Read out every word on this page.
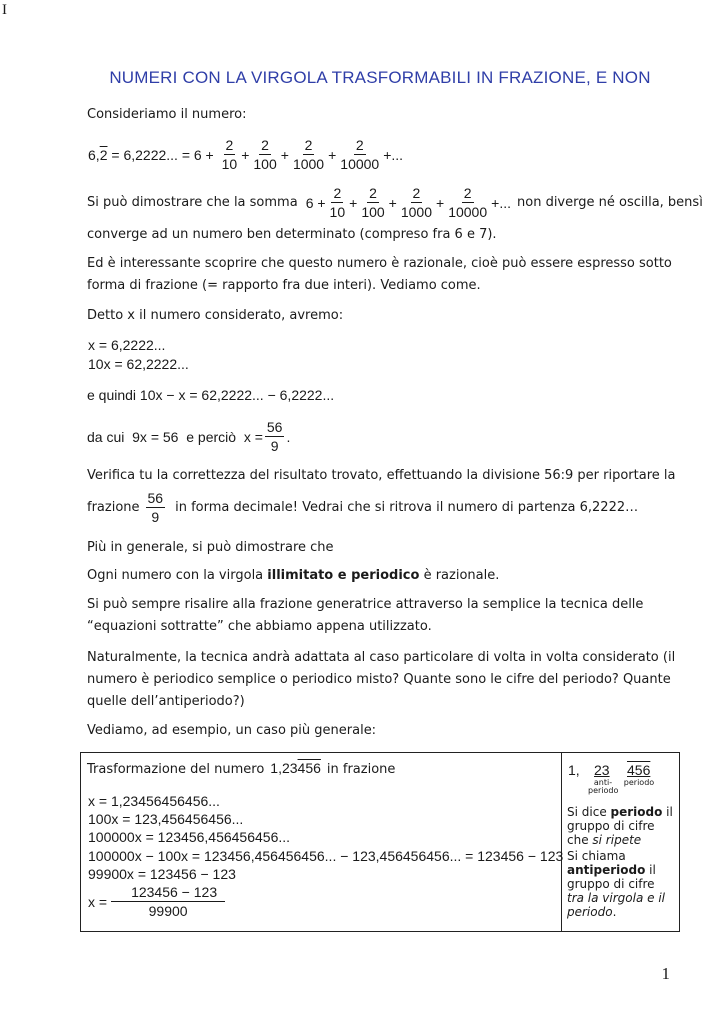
I
NUMERI CON LA VIRGOLA TRASFORMABILI IN FRAZIONE, E NON
Consideriamo il numero:
6, 2 = 6,2222... = $6 + \frac{2}{10} + \frac{2}{100} + \frac{2}{1000} + \frac{2}{10000}$ +...
Si può dimostrare che la somma $6 + \frac{2}{10} + \frac{2}{100} + \frac{2}{1000} + \frac{2}{10000}$ +... non diverge né oscilla, bensì
converge ad un numero ben determinato (compreso fra 6 e 7).
Ed è interessante scoprire che questo numero è razionale, cioè può essere espresso sotto
forma di frazione (= rapporto fra due interi). Vediamo come.
Detto x il numero considerato, avremo:
x = 6,2222...
10x = 62,2222...
e quindi 10x − x = 62,2222... − 6,2222...
da cui  9x = 56  e perciò  $x = \frac{56}{9}$ .
Verifica tu la correttezza del risultato trovato, effettuando la divisione 56:9 per riportare la
frazione $\frac{56}{9}$ in forma decimale! Vedrai che si ritrova il numero di partenza 6,2222…
Più in generale, si può dimostrare che
Ogni numero con la virgola illimitato e periodico è razionale.
Si può sempre risalire alla frazione generatrice attraverso la semplice la tecnica delle
“equazioni sottratte” che abbiamo appena utilizzato.
Naturalmente, la tecnica andrà adattata al caso particolare di volta in volta considerato (il
numero è periodico semplice o periodico misto? Quante sono le cifre del periodo? Quante
quelle dell’antiperiodo?)
Vediamo, ad esempio, un caso più generale:
Trasformazione del numero 1,23456 in frazione
x = 1,23456456456...
100x = 123,456456456...
100000x = 123456,456456456...
100000x − 100x = 123456,456456456... − 123,456456456... = 123456 − 123
99900x = 123456 − 123
$x = \frac{123456 - 123}{99900}$
1, 23 456
anti-
periodo
periodo
Si dice periodo il gruppo di cifre che si ripete
Si chiama antiperiodo il gruppo di cifre tra la virgola e il periodo.
1
